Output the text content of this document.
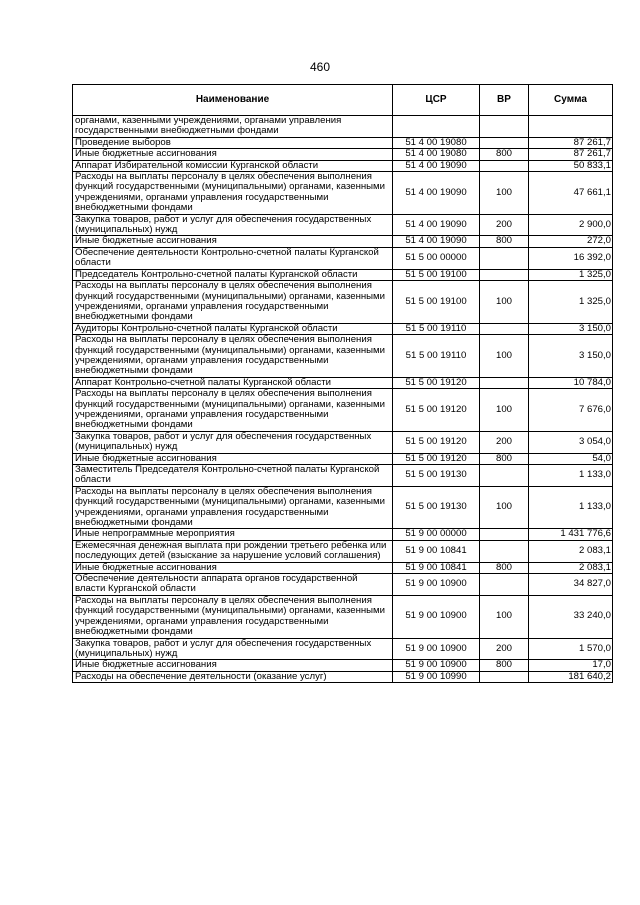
460
Наименование	ЦСР	ВР	Сумма
органами, казенными учреждениями, органами управления государственными внебюджетными фондами			
Проведение выборов	51 4 00 19080		87 261,7
Иные бюджетные ассигнования	51 4 00 19080	800	87 261,7
Аппарат Избирательной комиссии Курганской области	51 4 00 19090		50 833,1
Расходы на выплаты персоналу в целях обеспечения выполнения функций государственными (муниципальными) органами, казенными учреждениями, органами управления государственными внебюджетными фондами	51 4 00 19090	100	47 661,1
Закупка товаров, работ и услуг для обеспечения государственных (муниципальных) нужд	51 4 00 19090	200	2 900,0
Иные бюджетные ассигнования	51 4 00 19090	800	272,0
Обеспечение деятельности Контрольно-счетной палаты Курганской области	51 5 00 00000		16 392,0
Председатель Контрольно-счетной палаты Курганской области	51 5 00 19100		1 325,0
Расходы на выплаты персоналу в целях обеспечения выполнения функций государственными (муниципальными) органами, казенными учреждениями, органами управления государственными внебюджетными фондами	51 5 00 19100	100	1 325,0
Аудиторы Контрольно-счетной палаты Курганской области	51 5 00 19110		3 150,0
Расходы на выплаты персоналу в целях обеспечения выполнения функций государственными (муниципальными) органами, казенными учреждениями, органами управления государственными внебюджетными фондами	51 5 00 19110	100	3 150,0
Аппарат Контрольно-счетной палаты Курганской области	51 5 00 19120		10 784,0
Расходы на выплаты персоналу в целях обеспечения выполнения функций государственными (муниципальными) органами, казенными учреждениями, органами управления государственными внебюджетными фондами	51 5 00 19120	100	7 676,0
Закупка товаров, работ и услуг для обеспечения государственных (муниципальных) нужд	51 5 00 19120	200	3 054,0
Иные бюджетные ассигнования	51 5 00 19120	800	54,0
Заместитель Председателя Контрольно-счетной палаты Курганской области	51 5 00 19130		1 133,0
Расходы на выплаты персоналу в целях обеспечения выполнения функций государственными (муниципальными) органами, казенными учреждениями, органами управления государственными внебюджетными фондами	51 5 00 19130	100	1 133,0
Иные непрограммные мероприятия	51 9 00 00000		1 431 776,6
Ежемесячная денежная выплата при рождении третьего ребенка или последующих детей (взыскание за нарушение условий соглашения)	51 9 00 10841		2 083,1
Иные бюджетные ассигнования	51 9 00 10841	800	2 083,1
Обеспечение деятельности аппарата органов государственной власти Курганской области	51 9 00 10900		34 827,0
Расходы на выплаты персоналу в целях обеспечения выполнения функций государственными (муниципальными) органами, казенными учреждениями, органами управления государственными внебюджетными фондами	51 9 00 10900	100	33 240,0
Закупка товаров, работ и услуг для обеспечения государственных (муниципальных) нужд	51 9 00 10900	200	1 570,0
Иные бюджетные ассигнования	51 9 00 10900	800	17,0
Расходы на обеспечение деятельности (оказание услуг)	51 9 00 10990		181 640,2
